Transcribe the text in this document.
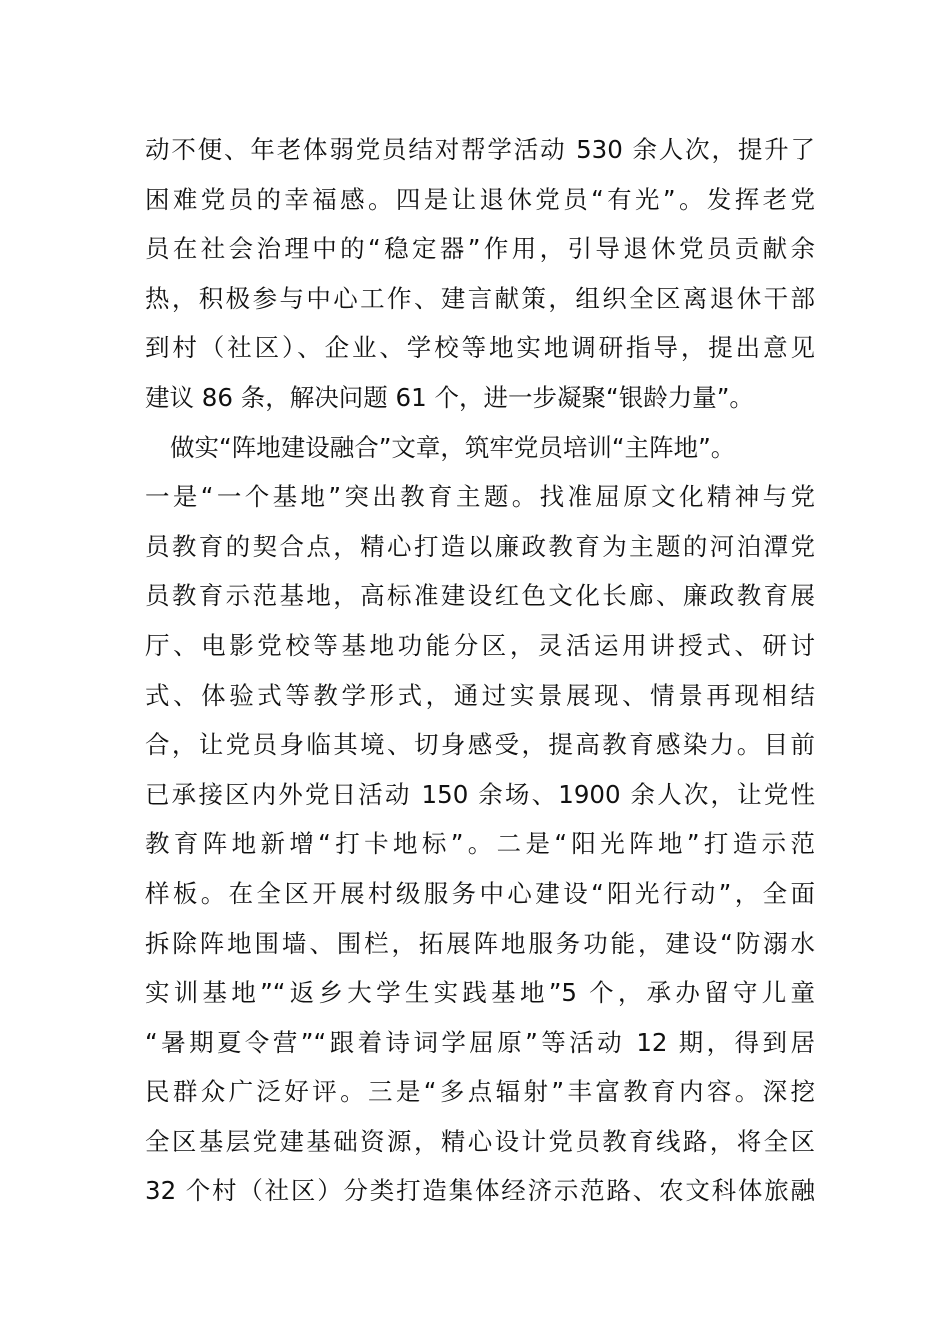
动不便、年老体弱党员结对帮学活动 530 余人次，提升了
困难党员的幸福感。四是让退休党员“有光”。发挥老党
员在社会治理中的“稳定器”作用，引导退休党员贡献余
热，积极参与中心工作、建言献策，组织全区离退休干部
到村（社区）、企业、学校等地实地调研指导，提出意见
建议 86 条，解决问题 61 个，进一步凝聚“银龄力量”。
做实“阵地建设融合”文章，筑牢党员培训“主阵地”。
一是“一个基地”突出教育主题。找准屈原文化精神与党
员教育的契合点，精心打造以廉政教育为主题的河泊潭党
员教育示范基地，高标准建设红色文化长廊、廉政教育展
厅、电影党校等基地功能分区，灵活运用讲授式、研讨
式、体验式等教学形式，通过实景展现、情景再现相结
合，让党员身临其境、切身感受，提高教育感染力。目前
已承接区内外党日活动 150 余场、1900 余人次，让党性
教育阵地新增“打卡地标”。二是“阳光阵地”打造示范
样板。在全区开展村级服务中心建设“阳光行动”，全面
拆除阵地围墙、围栏，拓展阵地服务功能，建设“防溺水
实训基地”“返乡大学生实践基地”5 个，承办留守儿童
“暑期夏令营”“跟着诗词学屈原”等活动 12 期，得到居
民群众广泛好评。三是“多点辐射”丰富教育内容。深挖
全区基层党建基础资源，精心设计党员教育线路，将全区
32 个村（社区）分类打造集体经济示范路、农文科体旅融
